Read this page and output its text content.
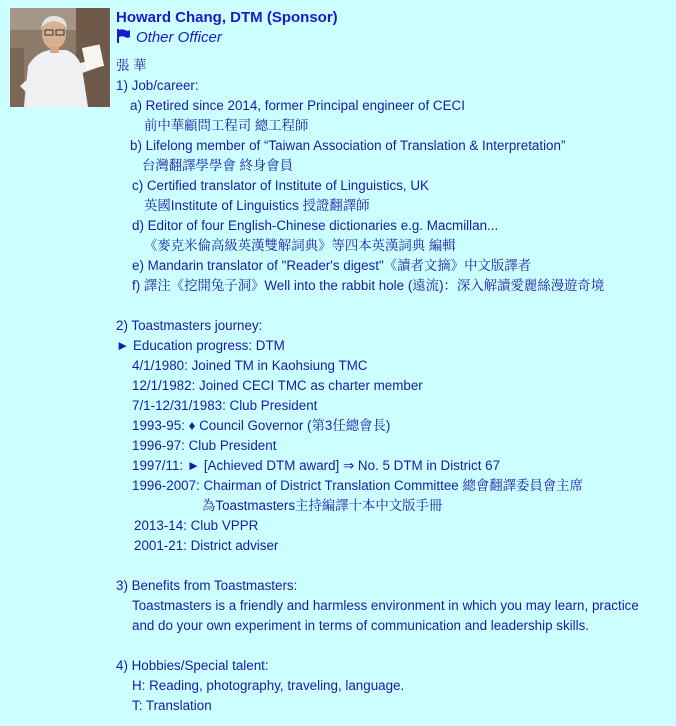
Howard Chang, DTM (Sponsor)
Other Officer
張 華
1) Job/career:
a) Retired since 2014, former Principal engineer of CECI
前中華顧問工程司 總工程師
b) Lifelong member of “Taiwan Association of Translation & Interpretation”
台灣翻譯學學會 終身會員
c) Certified translator of Institute of Linguistics, UK
英國Institute of Linguistics 授證翻譯師
d) Editor of four English-Chinese dictionaries e.g. Macmillan...
《麥克米倫高級英漢雙解詞典》等四本英漢詞典 編輯
e) Mandarin translator of "Reader's digest"《讀者文摘》中文版譯者
f) 譯注《挖開兔子洞》Well into the rabbit hole (遠流)：深入解讀愛麗絲漫遊奇境
2) Toastmasters journey:
► Education progress: DTM
4/1/1980: Joined TM in Kaohsiung TMC
12/1/1982: Joined CECI TMC as charter member
7/1-12/31/1983: Club President
1993-95: ♦ Council Governor (第3任總會長)
1996-97: Club President
1997/11: ► [Achieved DTM award] ⇒ No. 5 DTM in District 67
1996-2007: Chairman of District Translation Committee 總會翻譯委員會主席
為Toastmasters主持編譯十本中文版手冊
2013-14: Club VPPR
2001-21: District adviser
3) Benefits from Toastmasters:
Toastmasters is a friendly and harmless environment in which you may learn, practice
and do your own experiment in terms of communication and leadership skills.
4) Hobbies/Special talent:
H: Reading, photography, traveling, language.
T: Translation
